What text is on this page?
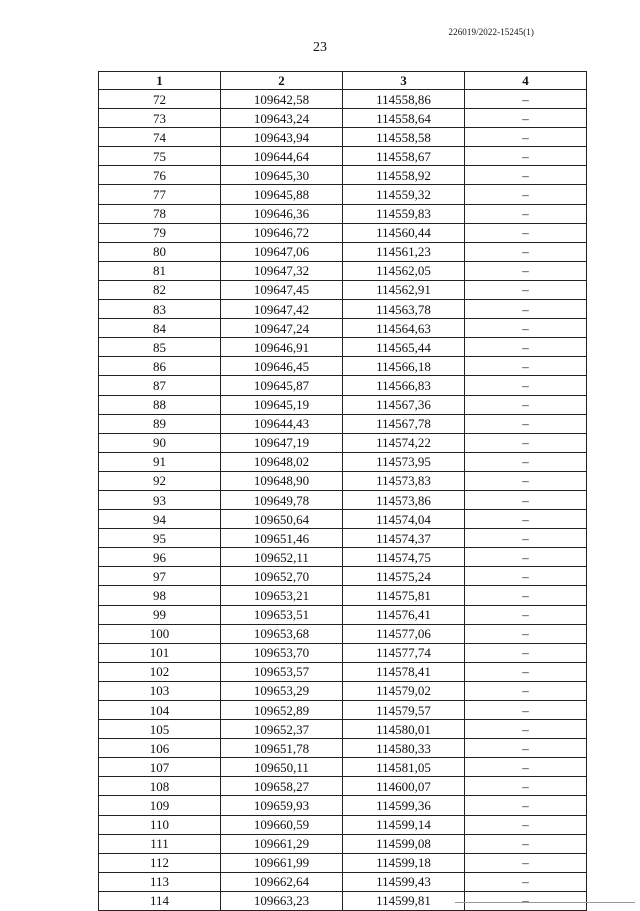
226019/2022-15245(1)
23
1	2	3	4
72	109642,58	114558,86	–
73	109643,24	114558,64	–
74	109643,94	114558,58	–
75	109644,64	114558,67	–
76	109645,30	114558,92	–
77	109645,88	114559,32	–
78	109646,36	114559,83	–
79	109646,72	114560,44	–
80	109647,06	114561,23	–
81	109647,32	114562,05	–
82	109647,45	114562,91	–
83	109647,42	114563,78	–
84	109647,24	114564,63	–
85	109646,91	114565,44	–
86	109646,45	114566,18	–
87	109645,87	114566,83	–
88	109645,19	114567,36	–
89	109644,43	114567,78	–
90	109647,19	114574,22	–
91	109648,02	114573,95	–
92	109648,90	114573,83	–
93	109649,78	114573,86	–
94	109650,64	114574,04	–
95	109651,46	114574,37	–
96	109652,11	114574,75	–
97	109652,70	114575,24	–
98	109653,21	114575,81	–
99	109653,51	114576,41	–
100	109653,68	114577,06	–
101	109653,70	114577,74	–
102	109653,57	114578,41	–
103	109653,29	114579,02	–
104	109652,89	114579,57	–
105	109652,37	114580,01	–
106	109651,78	114580,33	–
107	109650,11	114581,05	–
108	109658,27	114600,07	–
109	109659,93	114599,36	–
110	109660,59	114599,14	–
111	109661,29	114599,08	–
112	109661,99	114599,18	–
113	109662,64	114599,43	–
114	109663,23	114599,81	–
